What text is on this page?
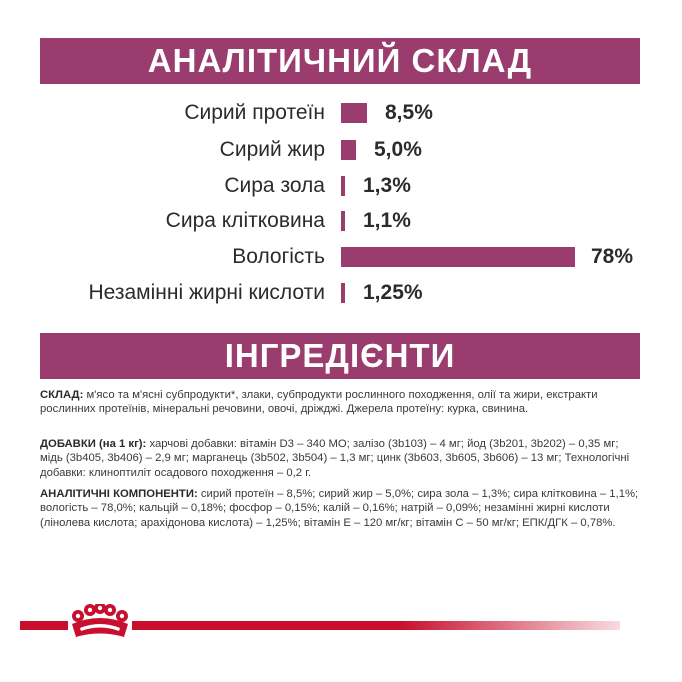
АНАЛІТИЧНИЙ СКЛАД
Сирий протеїн	8,5%
Сирий жир 5,0%
Сира зола 1,3%
Сира клітковина 1,1%
Вологість	78%
Незамінні жирні кислоти 1,25%
ІНГРЕДІЄНТИ
СКЛАД: м'ясо та м'ясні субпродукти*, злаки, субпродукти рослинного походження, олії та жири, екстракти рослинних протеїнів, мінеральні речовини, овочі, дріжджі. Джерела протеїну: курка, свинина.
ДОБАВКИ (на 1 кг): харчові добавки: вітамін D3 – 340 МО; залізо (3b103) – 4 мг; йод (3b201, 3b202) – 0,35 мг; мідь (3b405, 3b406) – 2,9 мг; марганець (3b502, 3b504) – 1,3 мг; цинк (3b603, 3b605, 3b606) – 13 мг; Технологічні добавки: клиноптиліт осадового походження – 0,2 г.
АНАЛІТИЧНІ КОМПОНЕНТИ: сирий протеїн – 8,5%; сирий жир – 5,0%; сира зола – 1,3%; сира клітковина – 1,1%; вологість – 78,0%; кальцій – 0,18%; фосфор – 0,15%; калій – 0,16%; натрій – 0,09%; незамінні жирні кислоти (лінолева кислота; арахідонова кислота) – 1,25%; вітамін Е – 120 мг/кг; вітамін С – 50 мг/кг; ЕПК/ДГК – 0,78%.
